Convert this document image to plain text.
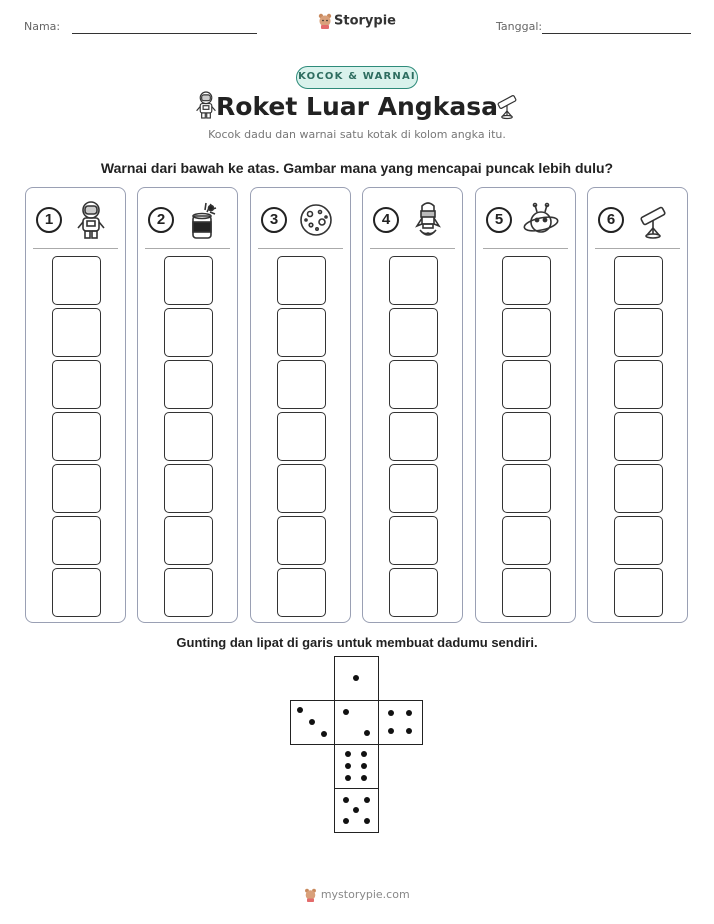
Nama:	Storypie	Tanggal:
KOCOK & WARNAI
Roket Luar Angkasa
Kocok dadu dan warnai satu kotak di kolom angka itu.
Warnai dari bawah ke atas. Gambar mana yang mencapai puncak lebih dulu?
1	2	3	4	5	6
Gunting dan lipat di garis untuk membuat dadumu sendiri.
mystorypie.com
